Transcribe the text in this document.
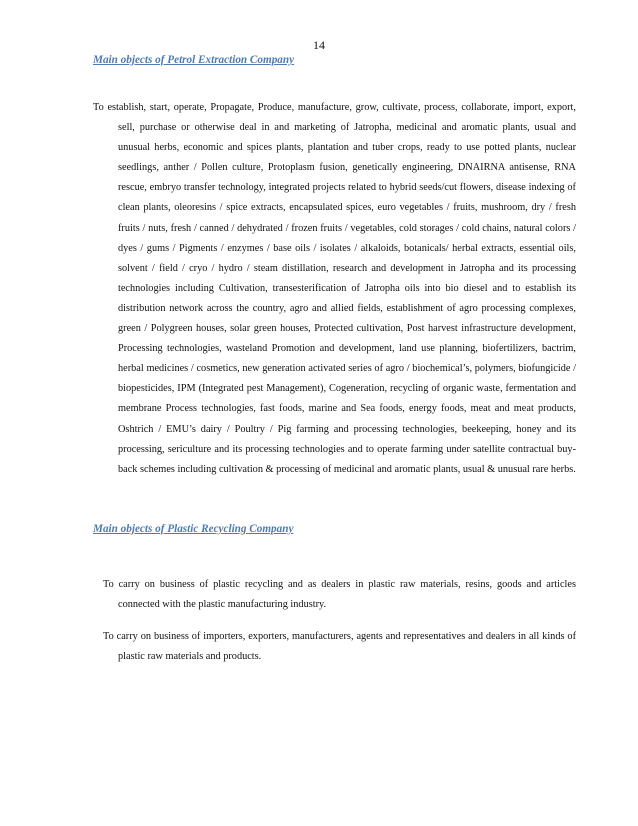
14
Main objects of Petrol Extraction Company

To establish, start, operate, Propagate, Produce, manufacture, grow, cultivate, process, collaborate, import, export, sell, purchase or otherwise deal in and marketing of Jatropha, medicinal and aromatic plants, usual and unusual herbs, economic and spices plants, plantation and tuber crops, ready to use potted plants, nuclear seedlings, anther / Pollen culture, Protoplasm fusion, genetically engineering, DNAIRNA antisense, RNA rescue, embryo transfer technology, integrated projects related to hybrid seeds/cut flowers, disease indexing of clean plants, oleoresins / spice extracts, encapsulated spices, euro vegetables / fruits, mushroom, dry / fresh fruits / nuts, fresh / canned / dehydrated / frozen fruits / vegetables, cold storages / cold chains, natural colors / dyes / gums / Pigments / enzymes / base oils / isolates / alkaloids, botanicals/ herbal extracts, essential oils, solvent / field / cryo / hydro / steam distillation, research and development in Jatropha and its processing technologies including Cultivation, transesterification of Jatropha oils into bio diesel and to establish its distribution network across the country, agro and allied fields, establishment of agro processing complexes, green / Polygreen houses, solar green houses, Protected cultivation, Post harvest infrastructure development, Processing technologies, wasteland Promotion and development, land use planning, biofertilizers, bactrim, herbal medicines / cosmetics, new generation activated series of agro / biochemical’s, polymers, biofungicide / biopesticides, IPM (Integrated pest Management), Cogeneration, recycling of organic waste, fermentation and membrane Process technologies, fast foods, marine and Sea foods, energy foods, meat and meat products, Oshtrich / EMU’s dairy / Poultry / Pig farming and processing technologies, beekeeping, honey and its processing, sericulture and its processing technologies and to operate farming under satellite contractual buy-back schemes including cultivation & processing of medicinal and aromatic plants, usual & unusual rare herbs.

Main objects of Plastic Recycling Company

To carry on business of plastic recycling and as dealers in plastic raw materials, resins, goods and articles connected with the plastic manufacturing industry.

To carry on business of importers, exporters, manufacturers, agents and representatives and dealers in all kinds of plastic raw materials and products.
